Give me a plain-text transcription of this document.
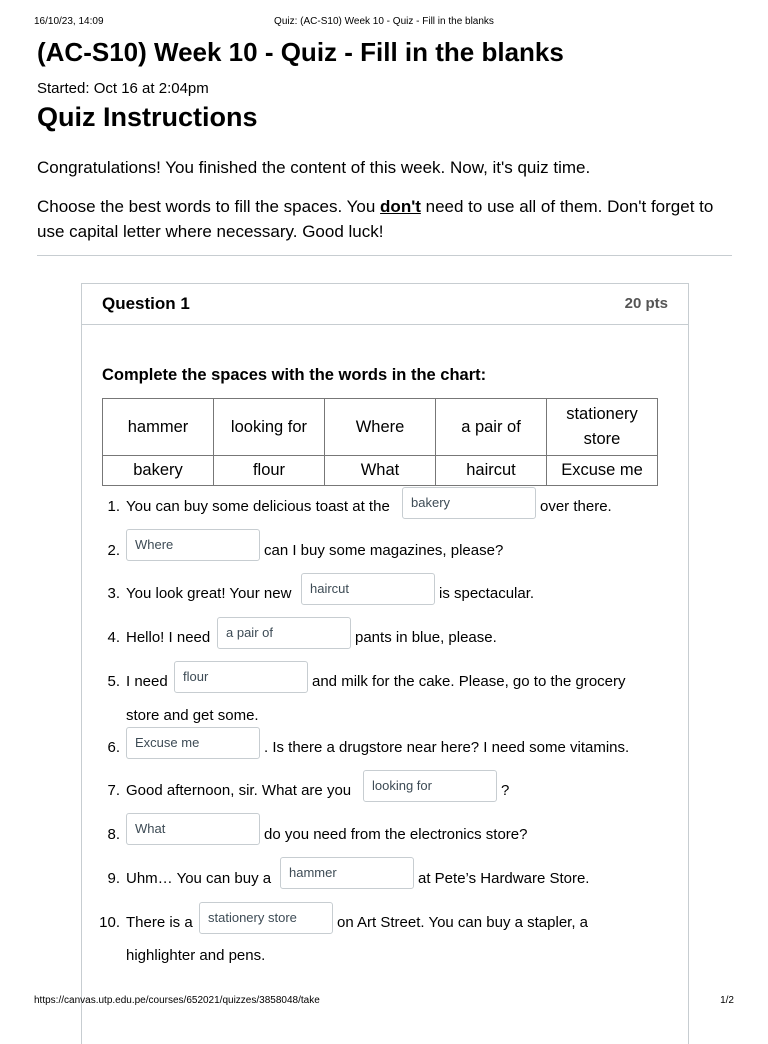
16/10/23, 14:09	Quiz: (AC-S10) Week 10 - Quiz - Fill in the blanks
(AC-S10) Week 10 - Quiz - Fill in the blanks
Started: Oct 16 at 2:04pm
Quiz Instructions
Congratulations! You finished the content of this week. Now, it's quiz time.
Choose the best words to fill the spaces. You don't need to use all of them. Don't forget to use capital letter where necessary. Good luck!
Question 1	20 pts
Complete the spaces with the words in the chart:
hammer	looking for	Where	a pair of	stationery store
bakery	flour	What	haircut	Excuse me
1. You can buy some delicious toast at the	bakery	over there.
2.	Where	can I buy some magazines, please?
3. You look great! Your new	haircut	is spectacular.
4. Hello! I need	a pair of	pants in blue, please.
5. I need	flour	and milk for the cake. Please, go to the grocery
store and get some.
6.	Excuse me	. Is there a drugstore near here? I need some vitamins.
7. Good afternoon, sir. What are you	looking for	?
8.	What	do you need from the electronics store?
9. Uhm… You can buy a	hammer	at Pete’s Hardware Store.
10. There is a	stationery store	on Art Street. You can buy a stapler, a
highlighter and pens.
https://canvas.utp.edu.pe/courses/652021/quizzes/3858048/take	1/2
